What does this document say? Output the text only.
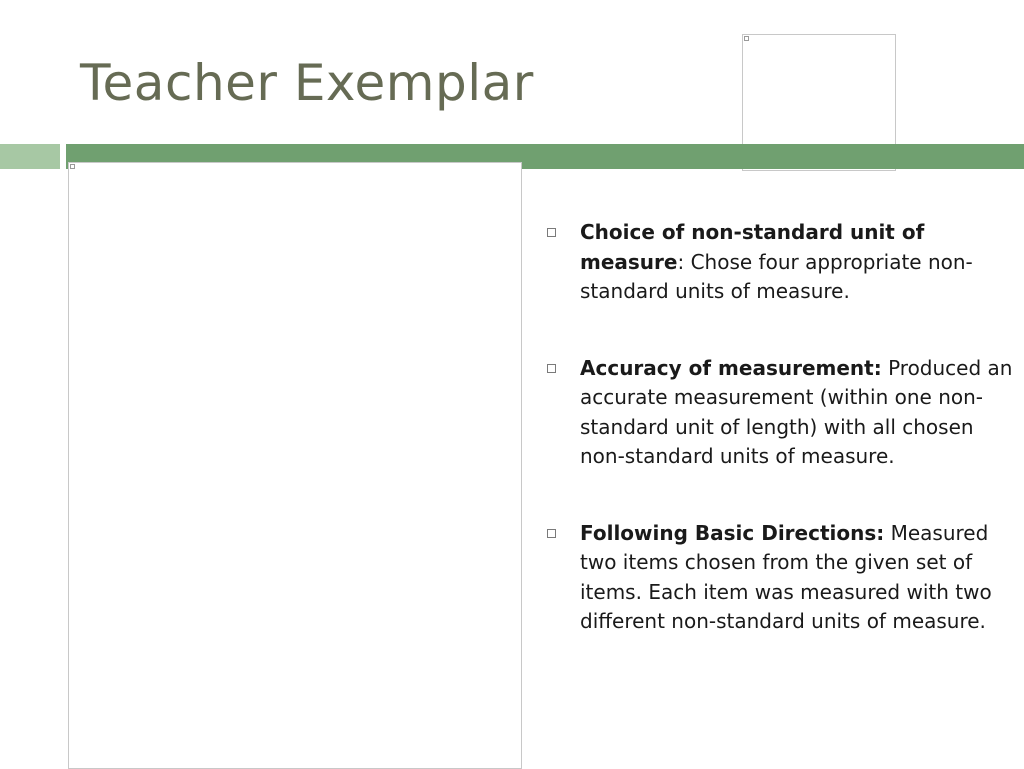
Teacher Exemplar
Choice of non-standard unit of measure: Chose four appropriate non-standard units of measure.
Accuracy of measurement: Produced an accurate measurement (within one non-standard unit of length) with all chosen non-standard units of measure.
Following Basic Directions: Measured two items chosen from the given set of items. Each item was measured with two different non-standard units of measure.
